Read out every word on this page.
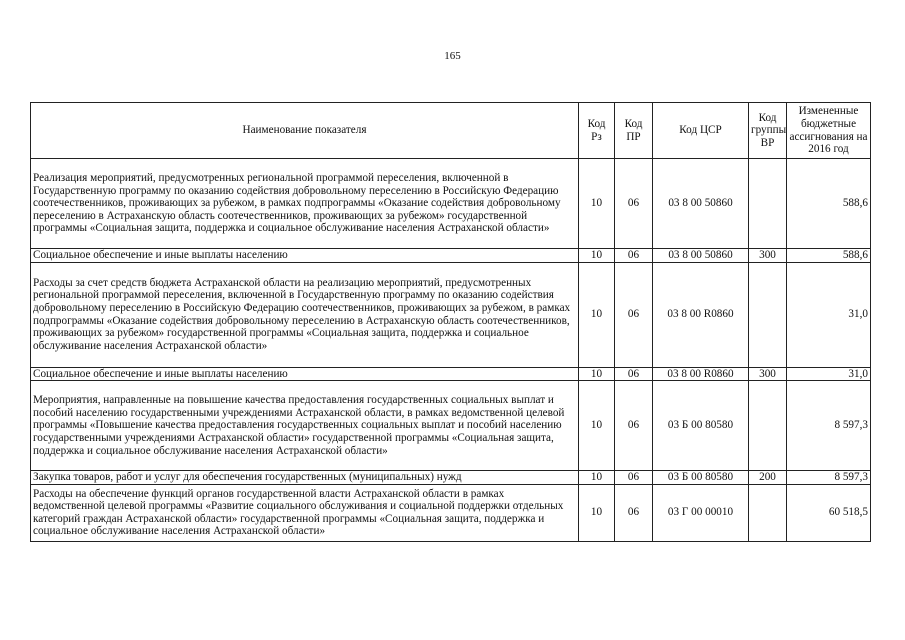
165
Наименование показателя	Код Рз	Код ПР	Код ЦСР	Код группы ВР	Измененные бюджетные ассигнования на 2016 год
Реализация мероприятий, предусмотренных региональной программой переселения, включенной в Государственную программу по оказанию содействия добровольному переселению в Российскую Федерацию соотечественников, проживающих за рубежом, в рамках подпрограммы «Оказание содействия добровольному переселению в Астраханскую область соотечественников, проживающих за рубежом» государственной программы «Социальная защита, поддержка и социальное обслуживание населения Астраханской области»	10	06	03 8 00 50860		588,6
Социальное обеспечение и иные выплаты населению	10	06	03 8 00 50860	300	588,6
Расходы за счет средств бюджета Астраханской области на реализацию мероприятий, предусмотренных региональной программой переселения, включенной в Государственную программу по оказанию содействия добровольному переселению в Российскую Федерацию соотечественников, проживающих за рубежом, в рамках подпрограммы «Оказание содействия добровольному переселению в Астраханскую область соотечественников, проживающих за рубежом» государственной программы «Социальная защита, поддержка и социальное обслуживание населения Астраханской области»	10	06	03 8 00 R0860		31,0
Социальное обеспечение и иные выплаты населению	10	06	03 8 00 R0860	300	31,0
Мероприятия, направленные на повышение качества предоставления государственных социальных выплат и пособий населению государственными учреждениями Астраханской области, в рамках ведомственной целевой программы «Повышение качества предоставления государственных социальных выплат и пособий населению государственными учреждениями Астраханской области» государственной программы «Социальная защита, поддержка и социальное обслуживание населения Астраханской области»	10	06	03 Б 00 80580		8 597,3
Закупка товаров, работ и услуг для обеспечения государственных (муниципальных) нужд	10	06	03 Б 00 80580	200	8 597,3
Расходы на обеспечение функций органов государственной власти Астраханской области в рамках ведомственной целевой программы «Развитие социального обслуживания и социальной поддержки отдельных категорий граждан Астраханской области» государственной программы «Социальная защита, поддержка и социальное обслуживание населения Астраханской области»	10	06	03 Г 00 00010		60 518,5
